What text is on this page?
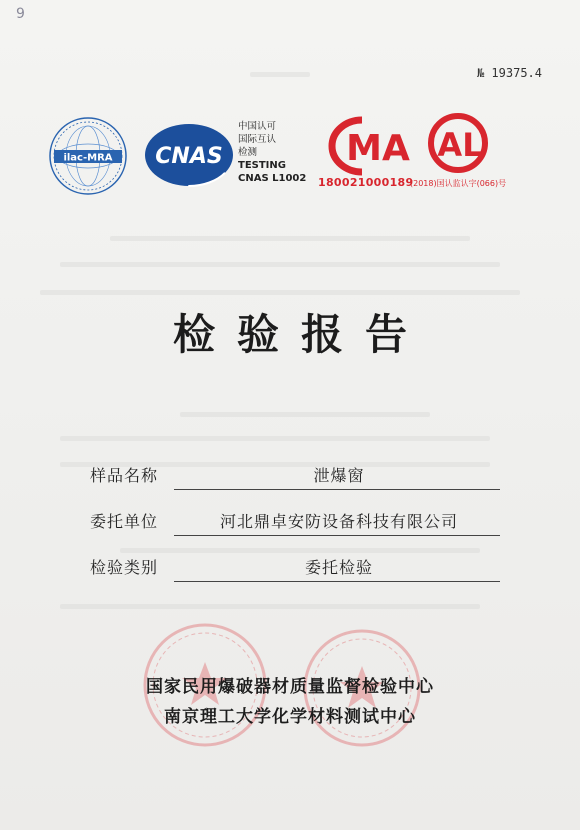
9
№ 19375.4
ilac-MRA CNAS
中国认可
国际互认
检测
TESTING
CNAS L1002
MA
180021000189
(2018)国认监认字(066)号
AL
检验报告
样品名称	泄爆窗
委托单位	河北鼎卓安防设备科技有限公司
检验类别	委托检验
国家民用爆破器材质量监督检验中心
南京理工大学化学材料测试中心
